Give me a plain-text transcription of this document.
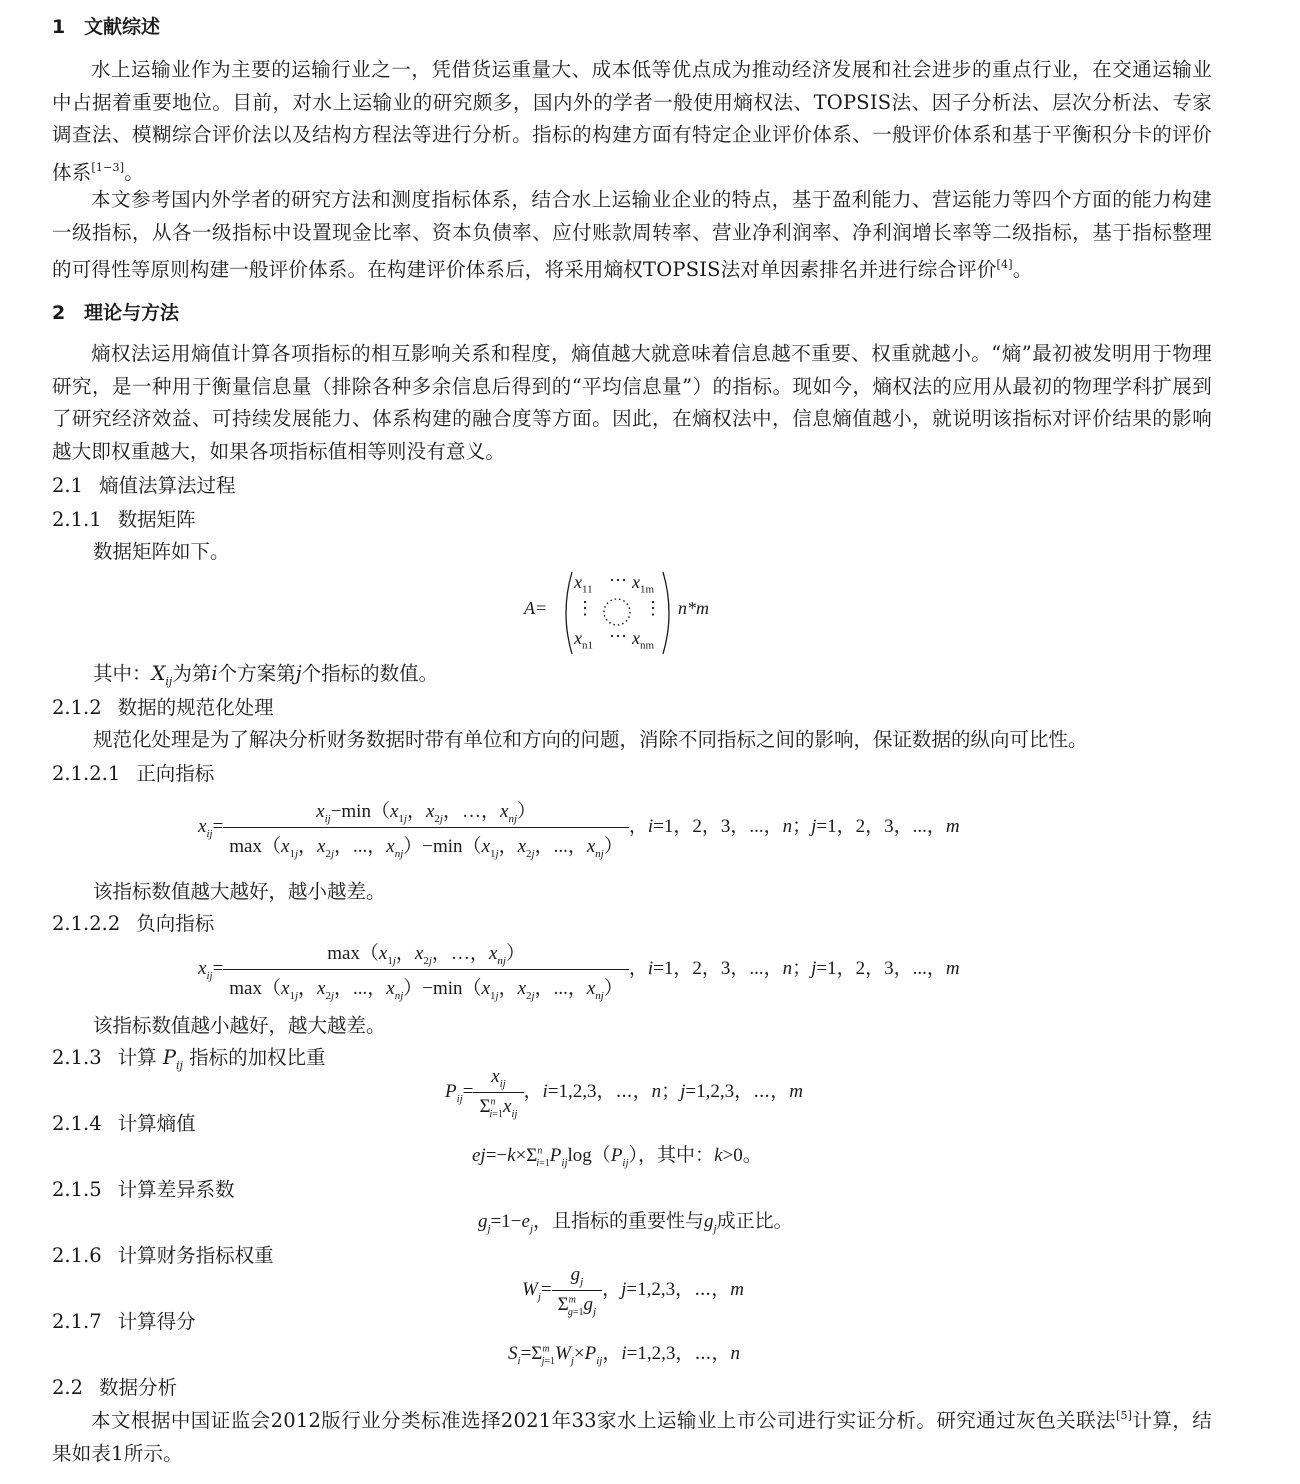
1 文献综述
水上运输业作为主要的运输行业之一，凭借货运重量大、成本低等优点成为推动经济发展和社会进步的重点行业，在交通运输业中占据着重要地位。目前，对水上运输业的研究颇多，国内外的学者一般使用熵权法、TOPSIS法、因子分析法、层次分析法、专家调查法、模糊综合评价法以及结构方程法等进行分析。指标的构建方面有特定企业评价体系、一般评价体系和基于平衡积分卡的评价体系[1−3]。
本文参考国内外学者的研究方法和测度指标体系，结合水上运输业企业的特点，基于盈利能力、营运能力等四个方面的能力构建一级指标，从各一级指标中设置现金比率、资本负债率、应付账款周转率、营业净利润率、净利润增长率等二级指标，基于指标整理的可得性等原则构建一般评价体系。在构建评价体系后，将采用熵权TOPSIS法对单因素排名并进行综合评价[4]。
2 理论与方法
熵权法运用熵值计算各项指标的相互影响关系和程度，熵值越大就意味着信息越不重要、权重就越小。“熵”最初被发明用于物理研究，是一种用于衡量信息量（排除各种多余信息后得到的“平均信息量”）的指标。现如今，熵权法的应用从最初的物理学科扩展到了研究经济效益、可持续发展能力、体系构建的融合度等方面。因此，在熵权法中，信息熵值越小，就说明该指标对评价结果的影响越大即权重越大，如果各项指标值相等则没有意义。
2.1 熵值法算法过程
2.1.1 数据矩阵
数据矩阵如下。
A=
$x_{11}$ ⋯ $x_{1m}$
⋮	⋮
$x_{n1}$ ⋯ $x_{nm}$
n*m
其中：$X_{ij}$为第i个方案第j个指标的数值。
2.1.2 数据的规范化处理
规范化处理是为了解决分析财务数据时带有单位和方向的问题，消除不同指标之间的影响，保证数据的纵向可比性。
2.1.2.1 正向指标
$x_{ij}= \frac{x_{ij}-\min(x_{1j},x_{2j},\dots,x_{nj})}{\max(x_{1j},x_{2j},...,x_{nj})-\min(x_{1j},x_{2j},...,x_{nj})}$ ，i=1，2，3，...，n；j=1，2，3，...，m
该指标数值越大越好，越小越差。
2.1.2.2 负向指标
$x_{ij}= \frac{\max(x_{1j},x_{2j},\dots,x_{nj})}{\max(x_{1j},x_{2j},...,x_{nj})-\min(x_{1j},x_{2j},...,x_{nj})}$ ，i=1，2，3，...，n；j=1，2，3，...，m
该指标数值越小越好，越大越差。
2.1.3 计算 $P_{ij}$ 指标的加权比重
$P_{ij}= \frac{x_{ij}}{\Sigma^n_{i=1}x_{ij}}$ ，i=1,2,3，⋯，n；j=1,2,3，⋯，m
2.1.4 计算熵值
$ej=-k\times\Sigma^n_{i=1}P_{ij}\log(P_{ij})$，其中：k>0。
2.1.5 计算差异系数
$g_j=1-e_j$，且指标的重要性与$g_j$成正比。
2.1.6 计算财务指标权重
$W_j= \frac{g_j}{\Sigma^m_{g=1}g_j}$ ，j=1,2,3，⋯，m
2.1.7 计算得分
$S_i=\Sigma^m_{j=1}W_j\times P_{ij}$，i=1,2,3，⋯，n
2.2 数据分析
本文根据中国证监会2012版行业分类标准选择2021年33家水上运输业上市公司进行实证分析。研究通过灰色关联法[5]计算，结果如表1所示。
